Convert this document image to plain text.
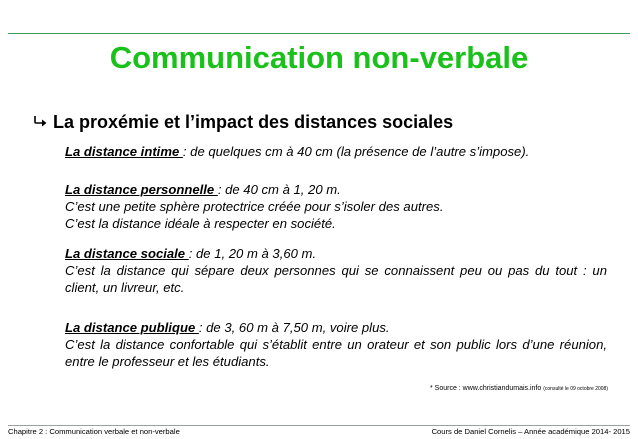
Communication non-verbale
La proxémie et l’impact des distances sociales

La distance intime : de quelques cm à 40 cm (la présence de l’autre s’impose).

La distance personnelle : de 40 cm à 1, 20 m.

C’est une petite sphère protectrice créée pour s’isoler des autres.

C’est la distance idéale à respecter en société.

La distance sociale : de 1, 20 m à 3,60 m.

C’est la distance qui sépare deux personnes qui se connaissent peu ou pas du tout : un client, un livreur, etc.

La distance publique : de 3, 60 m à 7,50 m, voire plus.

C’est la distance confortable qui s’établit entre un orateur et son public lors d’une réunion, entre le professeur et les étudiants.

* Source : www.christiandumais.info (consulté le 09 octobre 2008)
Chapitre 2 : Communication verbale et non-verbale	Cours de Daniel Cornelis – Année académique 2014- 2015
